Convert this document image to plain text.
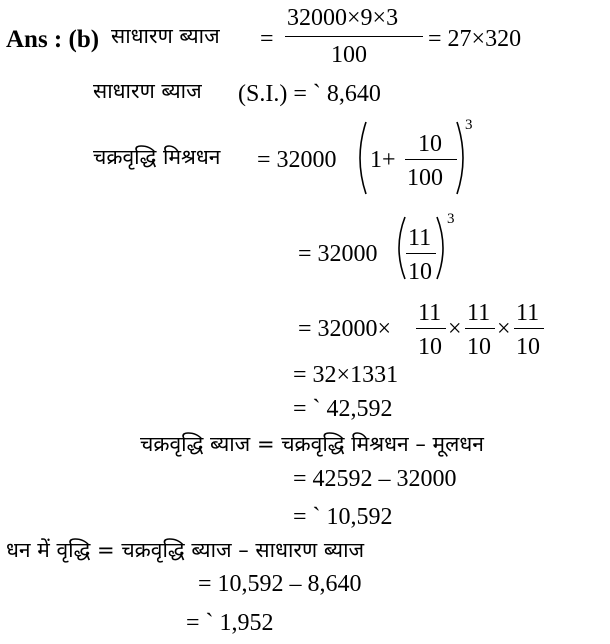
Ans : (b) साधारण ब्याज =
32000×9×3
100
= 27×320
साधारण ब्याज (S.I.) = ` 8,640
चक्रवृद्धि मिश्रधन = 32000 1+
10
100
3
= 32000
11
10
3
= 32000×
11
10
×
11
10
×
11
10
= 32×1331
= ` 42,592
चक्रवृद्धि ब्याज = चक्रवृद्धि मिश्रधन – मूलधन
= 42592 – 32000
= ` 10,592
धन में वृद्धि = चक्रवृद्धि ब्याज – साधारण ब्याज
= 10,592 – 8,640
= ` 1,952
